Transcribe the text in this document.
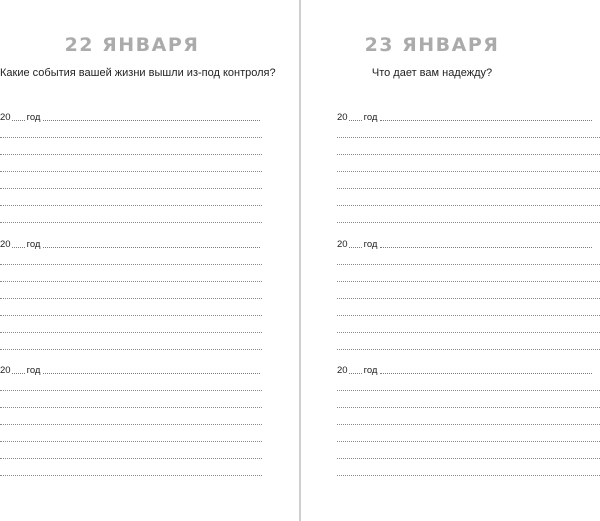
22 ЯНВАРЯ
Какие события вашей жизни вышли из-под контроля?
20 год
20 год
20 год
23 ЯНВАРЯ
Что дает вам надежду?
20 год
20 год
20 год
